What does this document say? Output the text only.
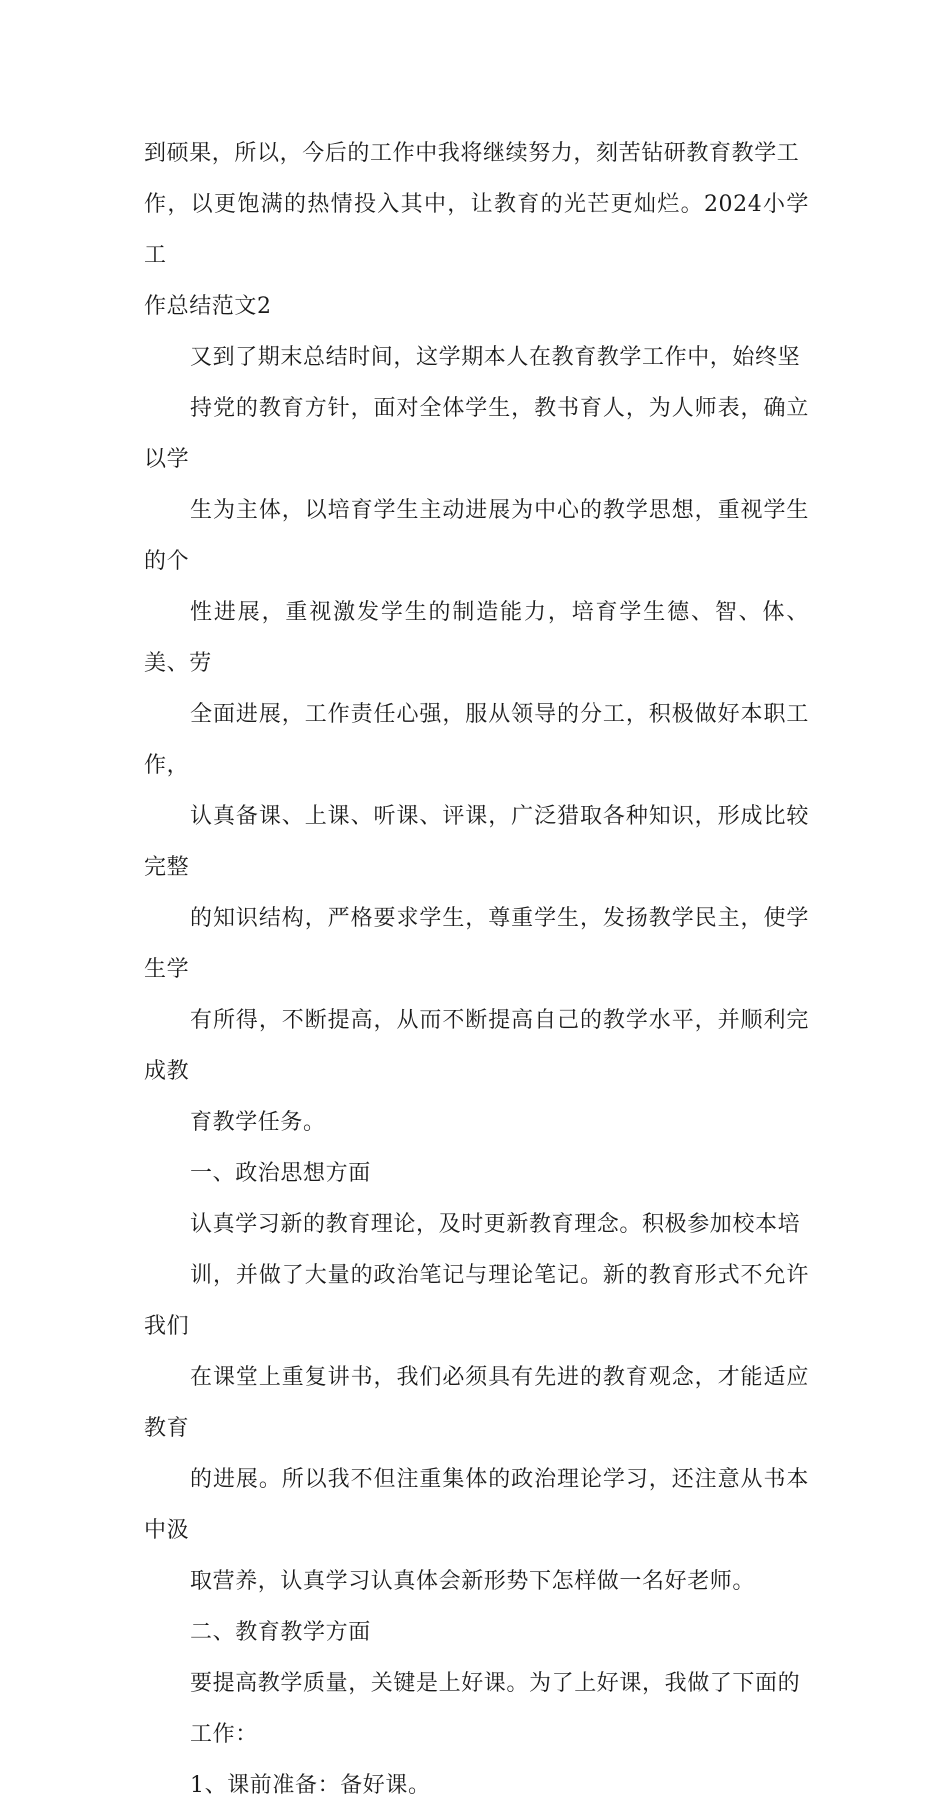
到硕果，所以，今后的工作中我将继续努力，刻苦钻研教育教学工
作，以更饱满的热情投入其中，让教育的光芒更灿烂。2024小学工
作总结范文2
又到了期末总结时间，这学期本人在教育教学工作中，始终坚
持党的教育方针，面对全体学生，教书育人，为人师表，确立以学
生为主体，以培育学生主动进展为中心的教学思想，重视学生的个
性进展，重视激发学生的制造能力，培育学生德、智、体、美、劳
全面进展，工作责任心强，服从领导的分工，积极做好本职工作，
认真备课、上课、听课、评课，广泛猎取各种知识，形成比较完整
的知识结构，严格要求学生，尊重学生，发扬教学民主，使学生学
有所得，不断提高，从而不断提高自己的教学水平，并顺利完成教
育教学任务。
一、政治思想方面
认真学习新的教育理论，及时更新教育理念。积极参加校本培
训，并做了大量的政治笔记与理论笔记。新的教育形式不允许我们
在课堂上重复讲书，我们必须具有先进的教育观念，才能适应教育
的进展。所以我不但注重集体的政治理论学习，还注意从书本中汲
取营养，认真学习认真体会新形势下怎样做一名好老师。
二、教育教学方面
要提高教学质量，关键是上好课。为了上好课，我做了下面的
工作：
1、课前准备：备好课。
